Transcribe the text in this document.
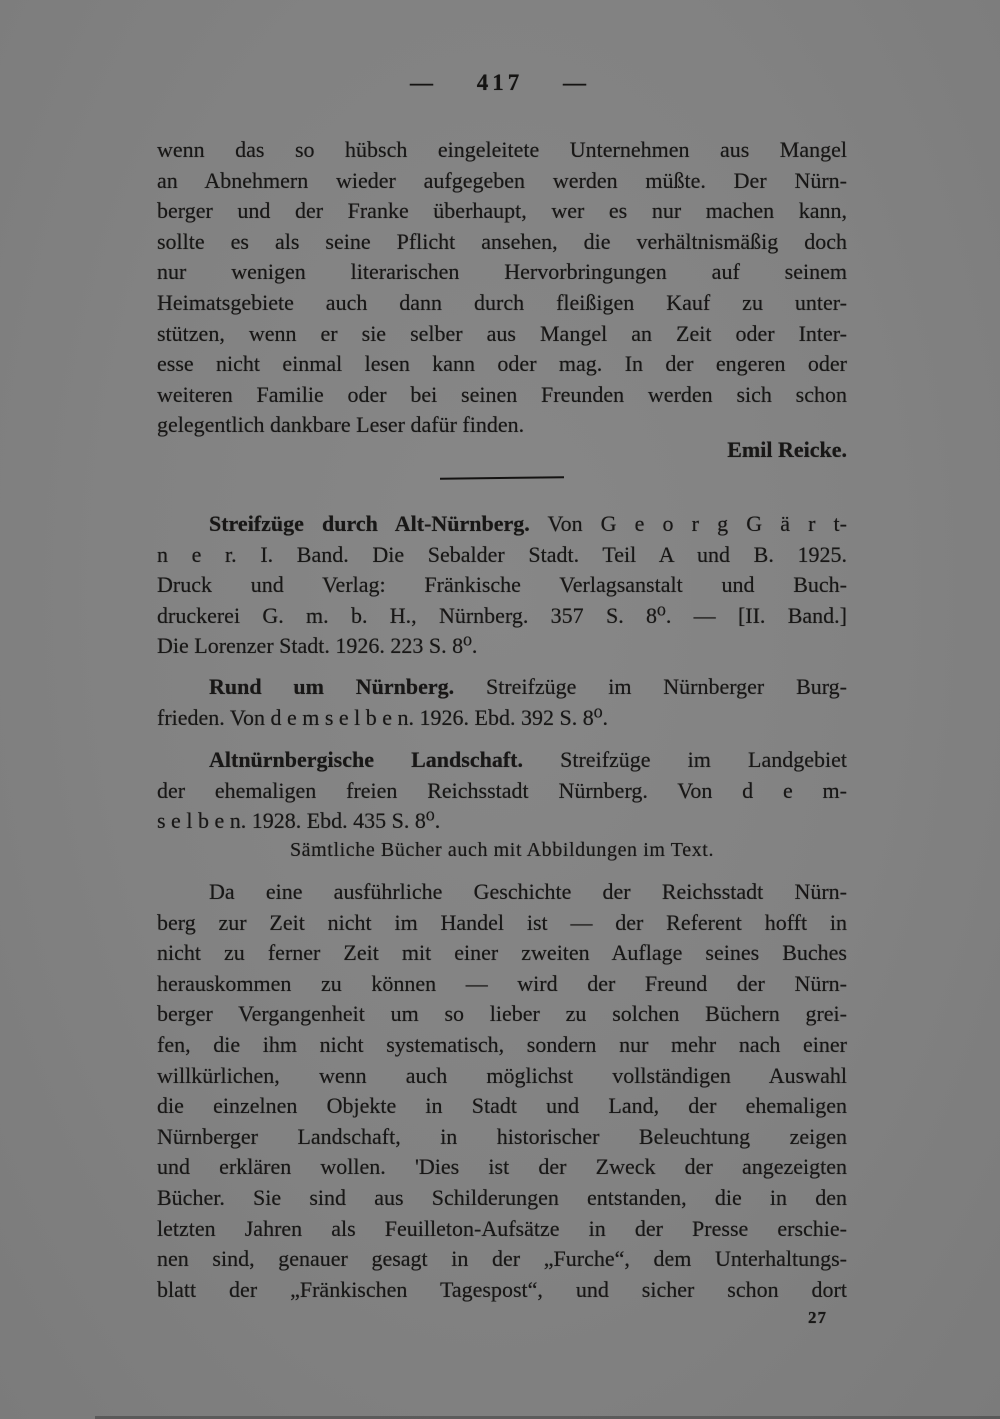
— 417 —
wenn das so hübsch eingeleitete Unternehmen aus Mangel
an Abnehmern wieder aufgegeben werden müßte. Der Nürn-
berger und der Franke überhaupt, wer es nur machen kann,
sollte es als seine Pflicht ansehen, die verhältnismäßig doch
nur wenigen literarischen Hervorbringungen auf seinem
Heimatsgebiete auch dann durch fleißigen Kauf zu unter-
stützen, wenn er sie selber aus Mangel an Zeit oder Inter-
esse nicht einmal lesen kann oder mag. In der engeren oder
weiteren Familie oder bei seinen Freunden werden sich schon
gelegentlich dankbare Leser dafür finden.
Emil Reicke.
Streifzüge durch Alt-Nürnberg. Von G e o r g G ä r t-
n e r. I. Band. Die Sebalder Stadt. Teil A und B. 1925.
Druck und Verlag: Fränkische Verlagsanstalt und Buch-
druckerei G. m. b. H., Nürnberg. 357 S. 8⁰. — [II. Band.]
Die Lorenzer Stadt. 1926. 223 S. 8⁰.
Rund um Nürnberg. Streifzüge im Nürnberger Burg-
frieden. Von d e m s e l b e n. 1926. Ebd. 392 S. 8⁰.
Altnürnbergische Landschaft. Streifzüge im Landgebiet
der ehemaligen freien Reichsstadt Nürnberg. Von d e m-
s e l b e n. 1928. Ebd. 435 S. 8⁰.
Sämtliche Bücher auch mit Abbildungen im Text.
Da eine ausführliche Geschichte der Reichsstadt Nürn-
berg zur Zeit nicht im Handel ist — der Referent hofft in
nicht zu ferner Zeit mit einer zweiten Auflage seines Buches
herauskommen zu können — wird der Freund der Nürn-
berger Vergangenheit um so lieber zu solchen Büchern grei-
fen, die ihm nicht systematisch, sondern nur mehr nach einer
willkürlichen, wenn auch möglichst vollständigen Auswahl
die einzelnen Objekte in Stadt und Land, der ehemaligen
Nürnberger Landschaft, in historischer Beleuchtung zeigen
und erklären wollen. 'Dies ist der Zweck der angezeigten
Bücher. Sie sind aus Schilderungen entstanden, die in den
letzten Jahren als Feuilleton-Aufsätze in der Presse erschie-
nen sind, genauer gesagt in der „Furche“, dem Unterhaltungs-
blatt der „Fränkischen Tagespost“, und sicher schon dort
27
